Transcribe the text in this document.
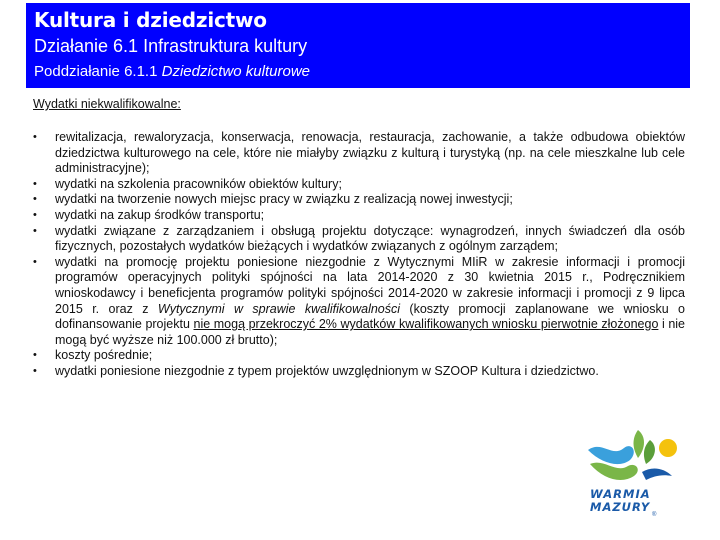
Kultura i dziedzictwo
Działanie 6.1 Infrastruktura kultury
Poddziałanie 6.1.1 Dziedzictwo kulturowe
Wydatki niekwalifikowalne:
•	rewitalizacja, rewaloryzacja, konserwacja, renowacja, restauracja, zachowanie, a także odbudowa obiektów dziedzictwa kulturowego na cele, które nie miałyby związku z kulturą i turystyką (np. na cele mieszkalne lub cele administracyjne);
•	wydatki na szkolenia pracowników obiektów kultury;
•	wydatki na tworzenie nowych miejsc pracy w związku z realizacją nowej inwestycji;
•	wydatki na zakup środków transportu;
•	wydatki związane z zarządzaniem i obsługą projektu dotyczące: wynagrodzeń, innych świadczeń dla osób fizycznych, pozostałych wydatków bieżących i wydatków związanych z ogólnym zarządem;
•	wydatki na promocję projektu poniesione niezgodnie z Wytycznymi MIiR w zakresie informacji i promocji programów operacyjnych polityki spójności na lata 2014-2020 z 30 kwietnia 2015 r., Podręcznikiem wnioskodawcy i beneficjenta programów polityki spójności 2014-2020 w zakresie informacji i promocji z 9 lipca 2015 r. oraz z Wytycznymi w sprawie kwalifikowalności (koszty promocji zaplanowane we wniosku o dofinansowanie projektu nie mogą przekroczyć 2% wydatków kwalifikowanych wniosku pierwotnie złożonego i nie mogą być wyższe niż 100.000 zł brutto);
•	koszty pośrednie;
•	wydatki poniesione niezgodnie z typem projektów uwzględnionym w SZOOP Kultura i dziedzictwo.
WARMIA
MAZURY
®
